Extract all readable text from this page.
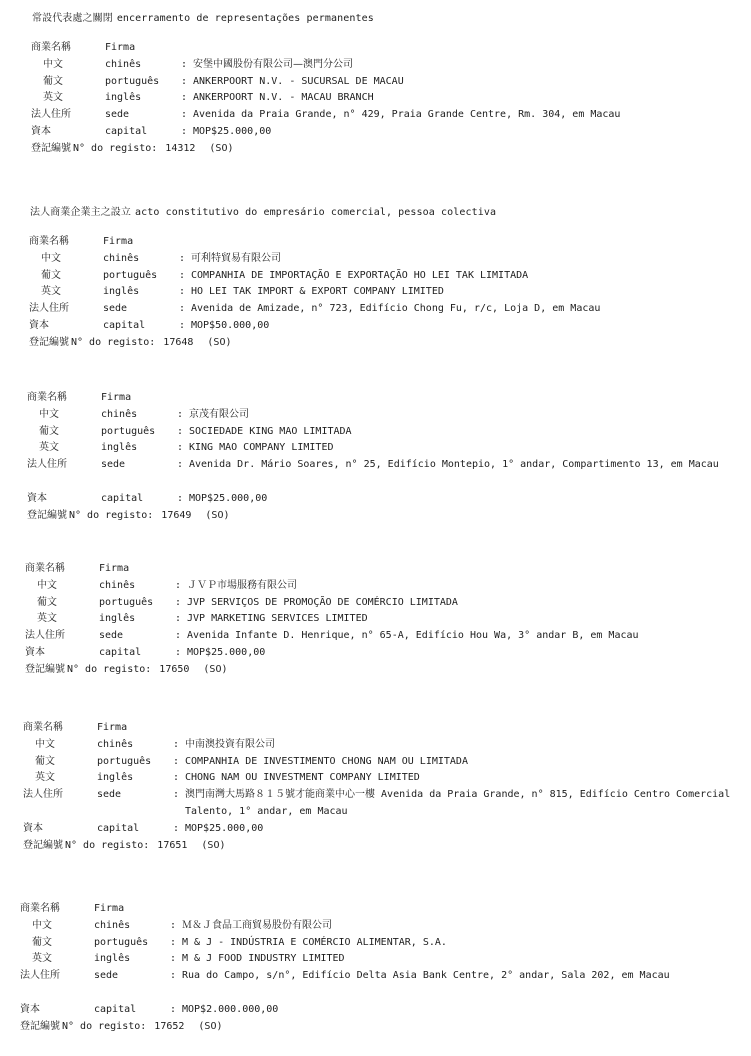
常設代表處之關閉 encerramento de representações permanentes
法人商業企業主之設立 acto constitutivo do empresário comercial, pessoa colectiva
商業名稱	Firma
中文	chinês	: 安堡中國股份有限公司—澳門分公司
葡文	português : ANKERPOORT N.V. - SUCURSAL DE MACAU
英文	inglês	: ANKERPOORT N.V. - MACAU BRANCH
法人住所	sede	: Avenida da Praia Grande, n° 429, Praia Grande Centre, Rm. 304, em Macau
資本	capital	: MOP$25.000,00
登記編號 N° do registo: 14312 (SO)
商業名稱	Firma
中文	chinês	: 可利特貿易有限公司
葡文	português : COMPANHIA DE IMPORTAÇÃO E EXPORTAÇÃO HO LEI TAK LIMITADA
英文	inglês	: HO LEI TAK IMPORT & EXPORT COMPANY LIMITED
法人住所	sede	: Avenida de Amizade, n° 723, Edifício Chong Fu, r/c, Loja D, em Macau
資本	capital	: MOP$50.000,00
登記編號 N° do registo: 17648 (SO)
商業名稱	Firma
中文	chinês	: 京茂有限公司
葡文	português : SOCIEDADE KING MAO LIMITADA
英文	inglês	: KING MAO COMPANY LIMITED
法人住所	sede	: Avenida Dr. Mário Soares, n° 25, Edifício Montepio, 1° andar, Compartimento 13, em Macau
資本	capital	: MOP$25.000,00
登記編號 N° do registo: 17649 (SO)
商業名稱	Firma
中文	chinês	: ＪＶＰ市場服務有限公司
葡文	português : JVP SERVIÇOS DE PROMOÇÃO DE COMÉRCIO LIMITADA
英文	inglês	: JVP MARKETING SERVICES LIMITED
法人住所	sede	: Avenida Infante D. Henrique, n° 65-A, Edifício Hou Wa, 3° andar B, em Macau
資本	capital	: MOP$25.000,00
登記編號 N° do registo: 17650 (SO)
商業名稱	Firma
中文	chinês	: 中南澳投資有限公司
葡文	português : COMPANHIA DE INVESTIMENTO CHONG NAM OU LIMITADA
英文	inglês	: CHONG NAM OU INVESTMENT COMPANY LIMITED
法人住所	sede	: 澳門南灣大馬路８１５號才能商業中心一樓 Avenida da Praia Grande, n° 815, Edifício Centro Comercial Talento, 1° andar, em Macau
資本	capital	: MOP$25.000,00
登記編號 N° do registo: 17651 (SO)
商業名稱	Firma
中文	chinês	: Ｍ＆Ｊ食品工商貿易股份有限公司
葡文	português : M & J - INDÚSTRIA E COMÉRCIO ALIMENTAR, S.A.
英文	inglês	: M & J FOOD INDUSTRY LIMITED
法人住所	sede	: Rua do Campo, s/n°, Edifício Delta Asia Bank Centre, 2° andar, Sala 202, em Macau
資本	capital	: MOP$2.000.000,00
登記編號 N° do registo: 17652 (SO)
